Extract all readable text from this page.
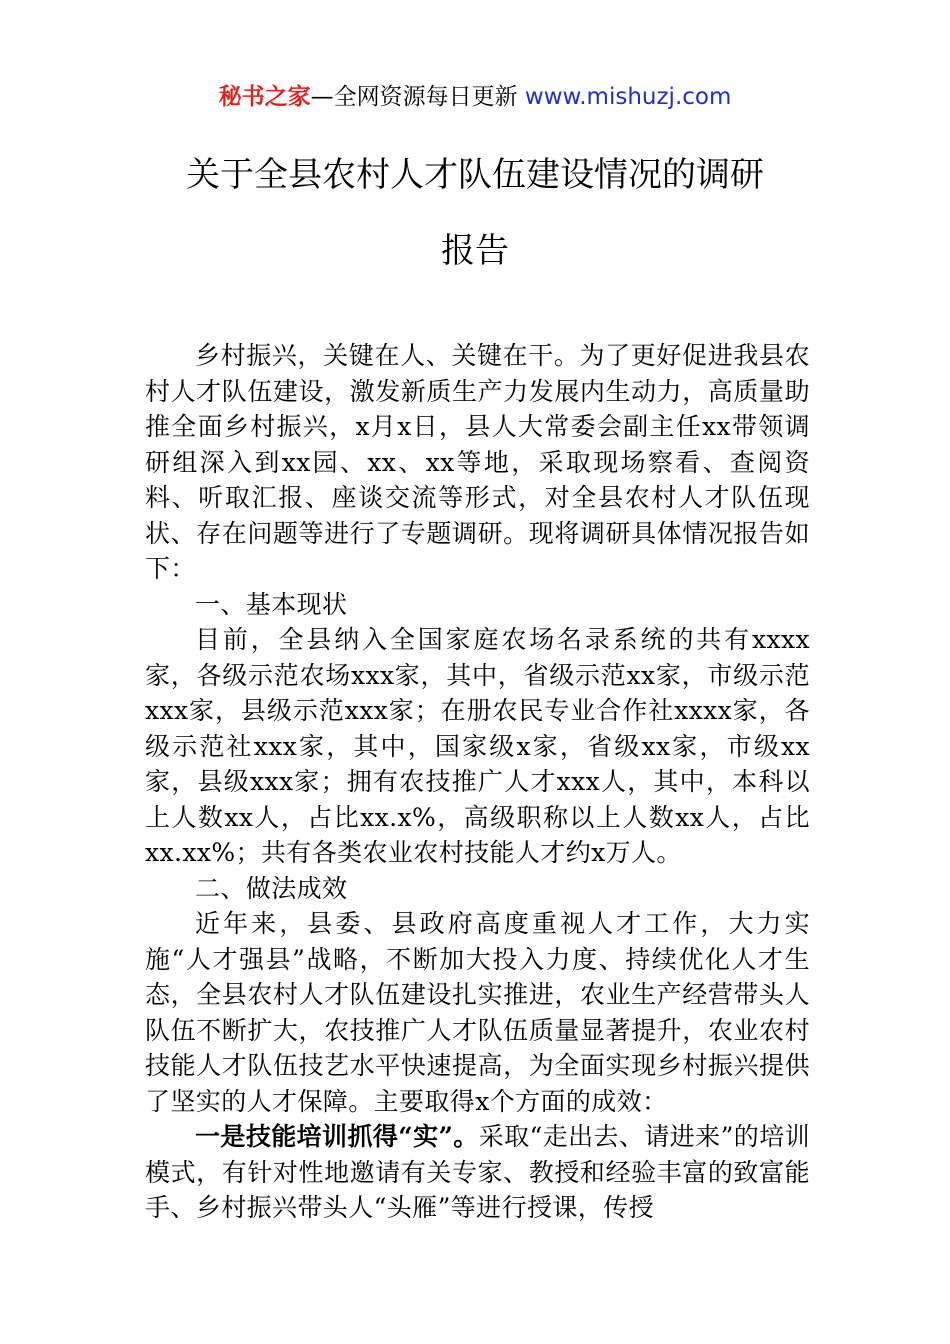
秘书之家—全网资源每日更新 www.mishuzj.com
关于全县农村人才队伍建设情况的调研
报告

乡村振兴，关键在人、关键在干。为了更好促进我县农村人才队伍建设，激发新质生产力发展内生动力，高质量助推全面乡村振兴，x月x日，县人大常委会副主任xx带领调研组深入到xx园、xx、xx等地，采取现场察看、查阅资料、听取汇报、座谈交流等形式，对全县农村人才队伍现状、存在问题等进行了专题调研。现将调研具体情况报告如下：

一、基本现状

目前，全县纳入全国家庭农场名录系统的共有xxxx家，各级示范农场xxx家，其中，省级示范xx家，市级示范xxx家，县级示范xxx家；在册农民专业合作社xxxx家，各级示范社xxx家，其中，国家级x家，省级xx家，市级xx家，县级xxx家；拥有农技推广人才xxx人，其中，本科以上人数xx人，占比xx.x%，高级职称以上人数xx人，占比xx.xx%；共有各类农业农村技能人才约x万人。

二、做法成效

近年来，县委、县政府高度重视人才工作，大力实施“人才强县”战略，不断加大投入力度、持续优化人才生态，全县农村人才队伍建设扎实推进，农业生产经营带头人队伍不断扩大，农技推广人才队伍质量显著提升，农业农村技能人才队伍技艺水平快速提高，为全面实现乡村振兴提供了坚实的人才保障。主要取得x个方面的成效：

一是技能培训抓得“实”。采取“走出去、请进来”的培训模式，有针对性地邀请有关专家、教授和经验丰富的致富能手、乡村振兴带头人“头雁”等进行授课，传授
